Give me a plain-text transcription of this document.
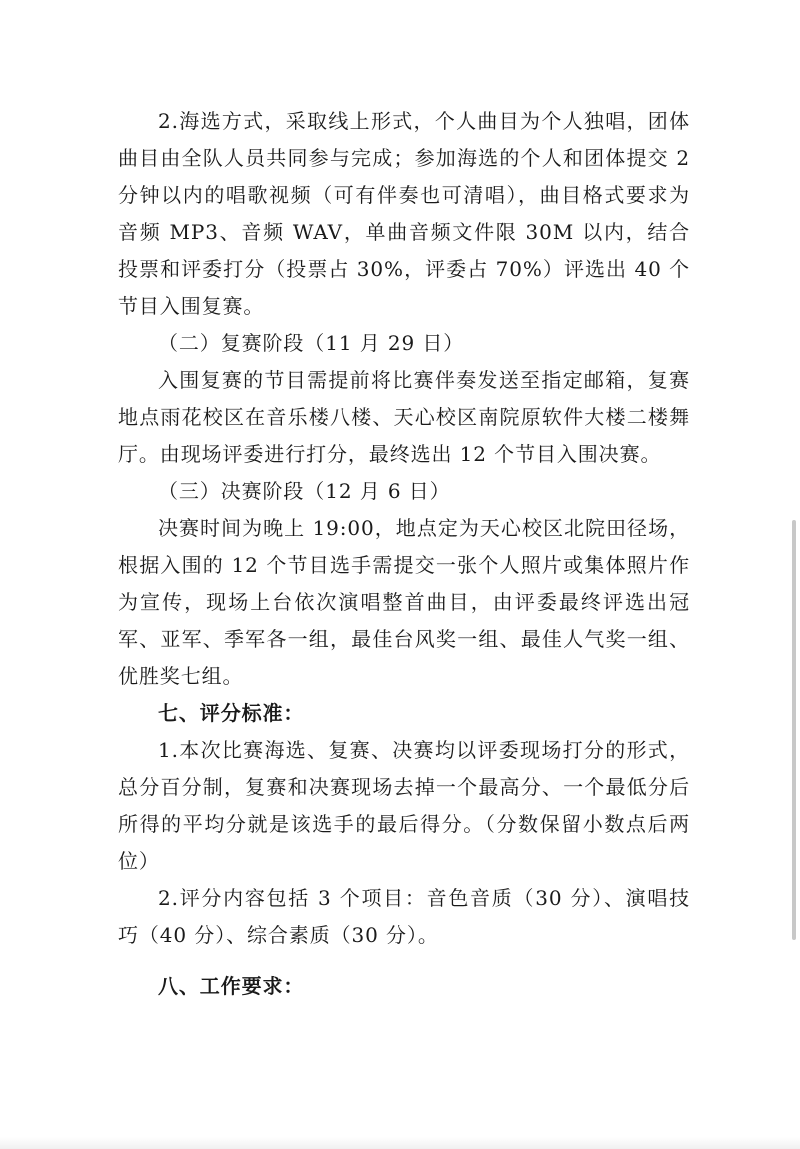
2.海选方式，采取线上形式，个人曲目为个人独唱，团体曲目由全队人员共同参与完成；参加海选的个人和团体提交 2 分钟以内的唱歌视频（可有伴奏也可清唱），曲目格式要求为音频 MP3、音频 WAV，单曲音频文件限 30M 以内，结合投票和评委打分（投票占 30%，评委占 70%）评选出 40 个节目入围复赛。

（二）复赛阶段（11 月 29 日）

入围复赛的节目需提前将比赛伴奏发送至指定邮箱，复赛地点雨花校区在音乐楼八楼、天心校区南院原软件大楼二楼舞厅。由现场评委进行打分，最终选出 12 个节目入围决赛。

（三）决赛阶段（12 月 6 日）

决赛时间为晚上 19:00，地点定为天心校区北院田径场，根据入围的 12 个节目选手需提交一张个人照片或集体照片作为宣传，现场上台依次演唱整首曲目，由评委最终评选出冠军、亚军、季军各一组，最佳台风奖一组、最佳人气奖一组、优胜奖七组。

七、评分标准：

1.本次比赛海选、复赛、决赛均以评委现场打分的形式，总分百分制，复赛和决赛现场去掉一个最高分、一个最低分后所得的平均分就是该选手的最后得分。（分数保留小数点后两位）

2.评分内容包括 3 个项目：音色音质（30 分）、演唱技巧（40 分）、综合素质（30 分）。

八、工作要求：
